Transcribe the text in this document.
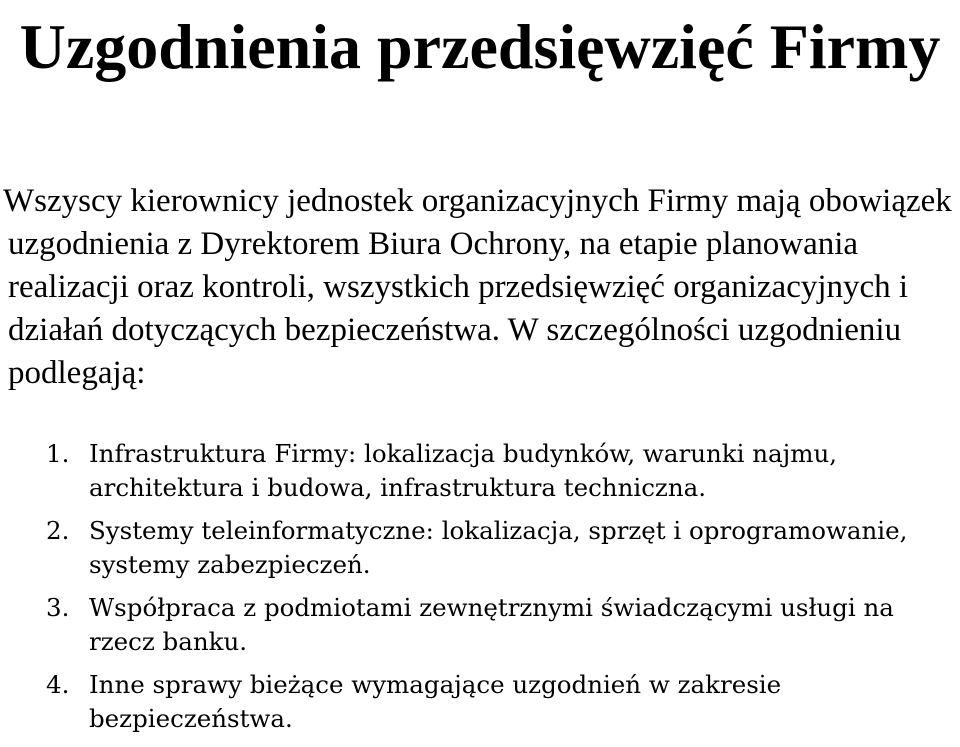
Uzgodnienia przedsięwzięć Firmy

Wszyscy kierownicy jednostek organizacyjnych Firmy mają obowiązek uzgodnienia z Dyrektorem Biura Ochrony, na etapie planowania realizacji oraz kontroli, wszystkich przedsięwzięć organizacyjnych i działań dotyczących bezpieczeństwa. W szczególności uzgodnieniu podlegają:

1. Infrastruktura Firmy: lokalizacja budynków, warunki najmu, architektura i budowa, infrastruktura techniczna.
2. Systemy teleinformatyczne: lokalizacja, sprzęt i oprogramowanie, systemy zabezpieczeń.
3. Współpraca z podmiotami zewnętrznymi świadczącymi usługi na rzecz banku.
4. Inne sprawy bieżące wymagające uzgodnień w zakresie bezpieczeństwa.
